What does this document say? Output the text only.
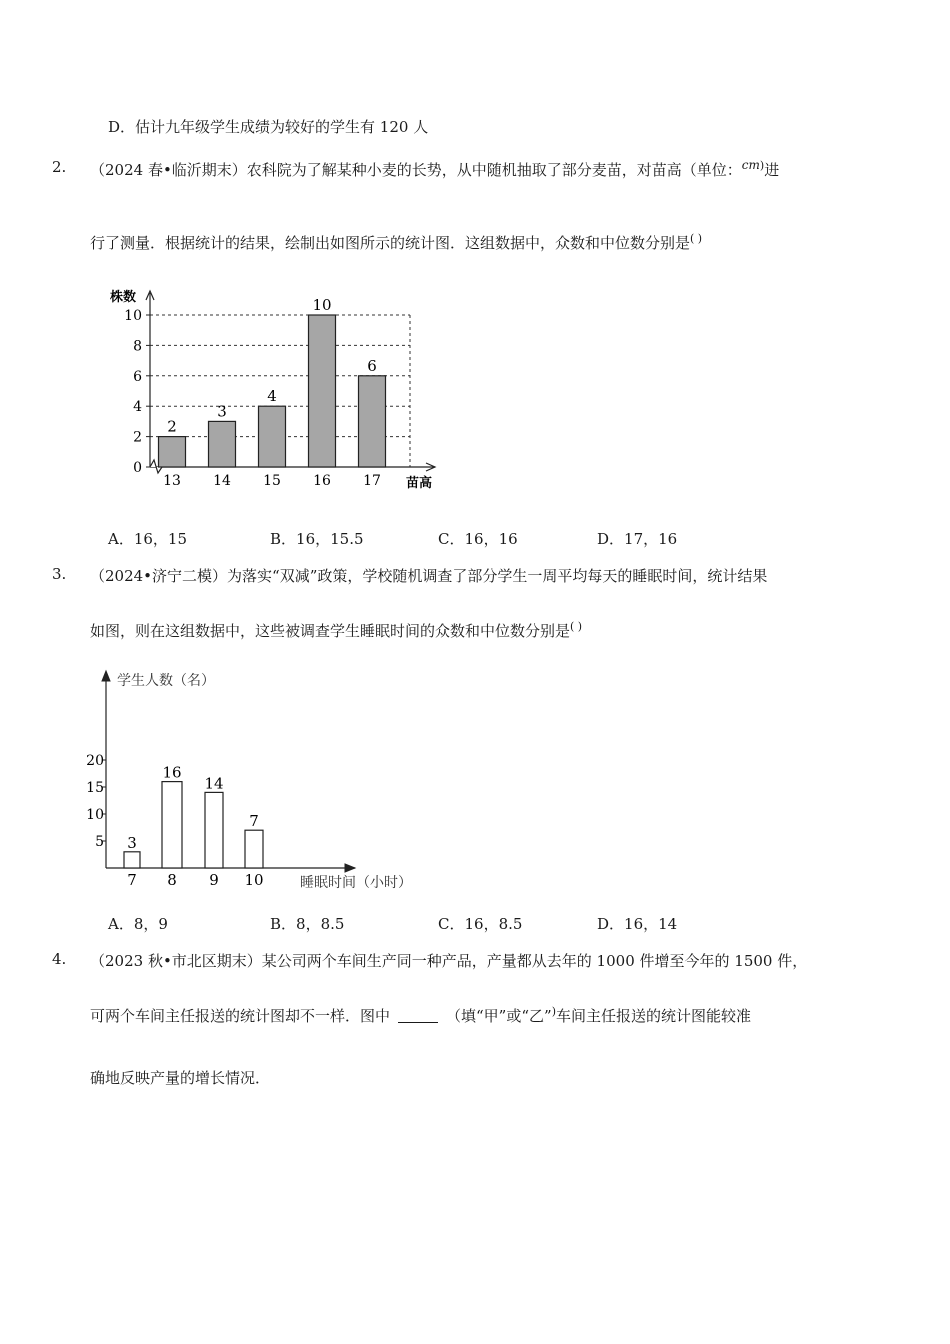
D．估计九年级学生成绩为较好的学生有 120 人
2. （2024 春•临沂期末）农科院为了解某种小麦的长势，从中随机抽取了部分麦苗，对苗高（单位：$^{cm)}$进
行了测量．根据统计的结果，绘制出如图所示的统计图．这组数据中，众数和中位数分别是( )
0
2
4
6
8
10
株数
苗高
2
13
3
14
4
15
10
16
6
17
A．16，15	B．16，15.5	C．16，16	D．17，16
3. （2024•济宁二模）为落实“双减”政策，学校随机调查了部分学生一周平均每天的睡眠时间，统计结果
如图，则在这组数据中，这些被调查学生睡眠时间的众数和中位数分别是( )
5
10
15
20
学生人数（名）
睡眠时间（小时）
3
7
16
8
14
9
7
10
A．8，9	B．8，8.5	C．16，8.5	D．16，14
4. （2023 秋•市北区期末）某公司两个车间生产同一种产品，产量都从去年的 1000 件增至今年的 1500 件，
可两个车间主任报送的统计图却不一样．图中	（填“甲”或“乙”)车间主任报送的统计图能较准
确地反映产量的增长情况．
